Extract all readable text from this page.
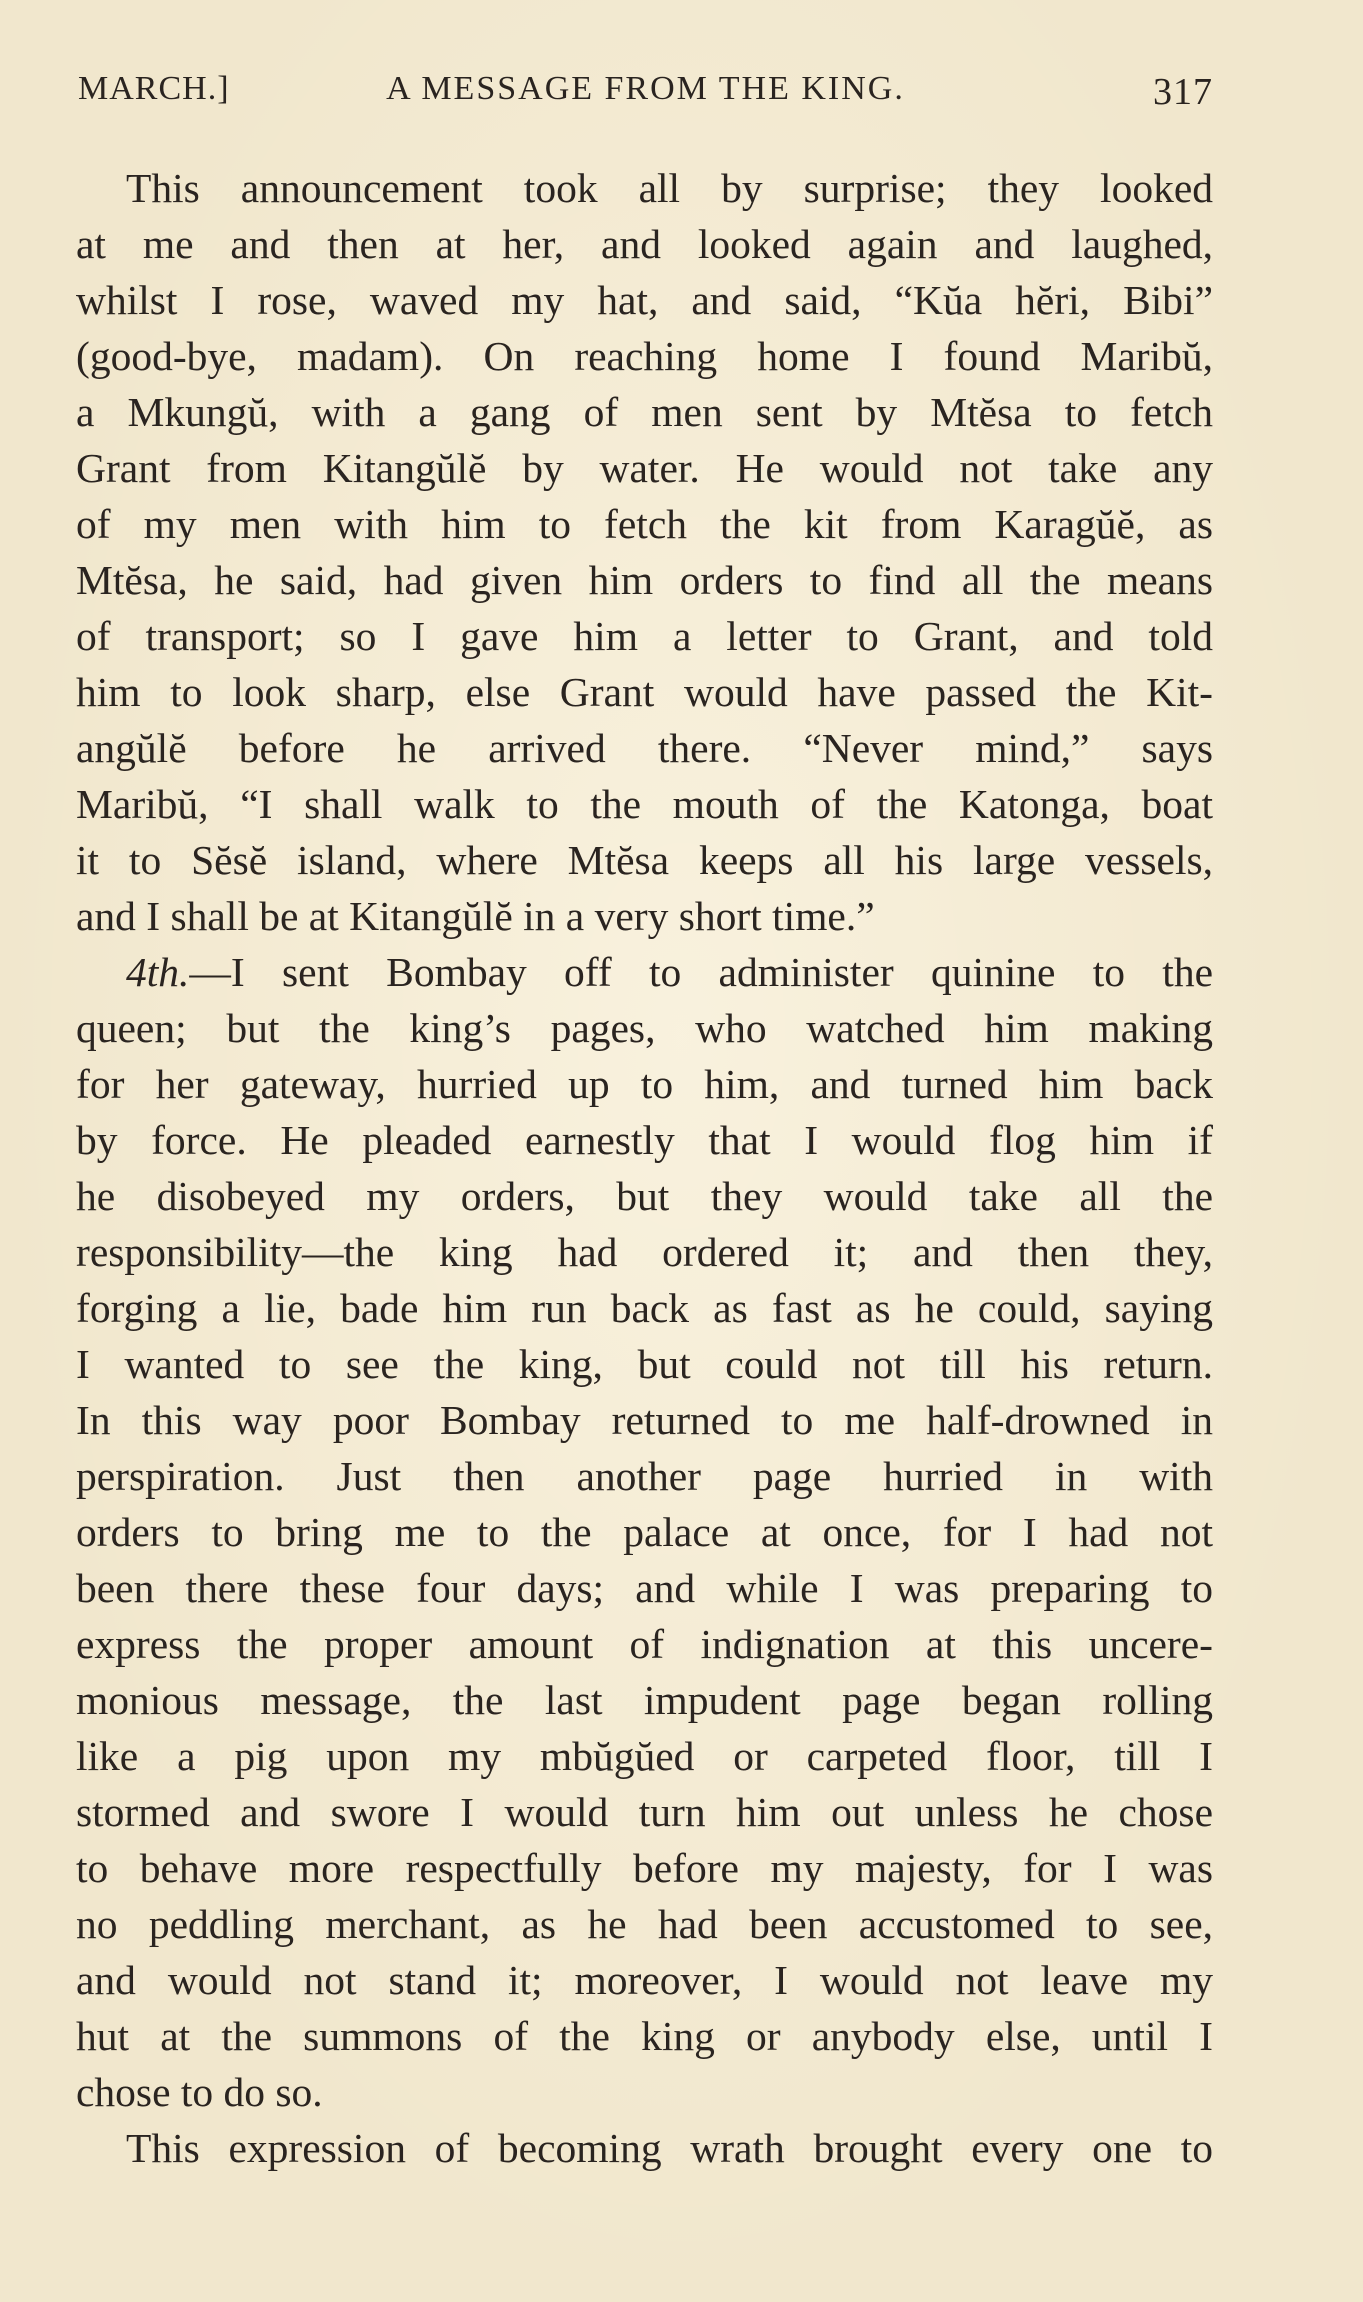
MARCH.]	A MESSAGE FROM THE KING.	317
This announcement took all by surprise; they looked
at me and then at her, and looked again and laughed,
whilst I rose, waved my hat, and said, “Kŭa hĕri, Bibi”
(good-bye, madam). On reaching home I found Maribŭ,
a Mkungŭ, with a gang of men sent by Mtĕsa to fetch
Grant from Kitangŭlĕ by water. He would not take any
of my men with him to fetch the kit from Karagŭĕ, as
Mtĕsa, he said, had given him orders to find all the means
of transport; so I gave him a letter to Grant, and told
him to look sharp, else Grant would have passed the Kit-
angŭlĕ before he arrived there. “Never mind,” says
Maribŭ, “I shall walk to the mouth of the Katonga, boat
it to Sĕsĕ island, where Mtĕsa keeps all his large vessels,
and I shall be at Kitangŭlĕ in a very short time.”
4th.—I sent Bombay off to administer quinine to the
queen; but the king’s pages, who watched him making
for her gateway, hurried up to him, and turned him back
by force. He pleaded earnestly that I would flog him if
he disobeyed my orders, but they would take all the
responsibility—the king had ordered it; and then they,
forging a lie, bade him run back as fast as he could, saying
I wanted to see the king, but could not till his return.
In this way poor Bombay returned to me half-drowned in
perspiration. Just then another page hurried in with
orders to bring me to the palace at once, for I had not
been there these four days; and while I was preparing to
express the proper amount of indignation at this uncere-
monious message, the last impudent page began rolling
like a pig upon my mbŭgŭed or carpeted floor, till I
stormed and swore I would turn him out unless he chose
to behave more respectfully before my majesty, for I was
no peddling merchant, as he had been accustomed to see,
and would not stand it; moreover, I would not leave my
hut at the summons of the king or anybody else, until I
chose to do so.
This expression of becoming wrath brought every one to
